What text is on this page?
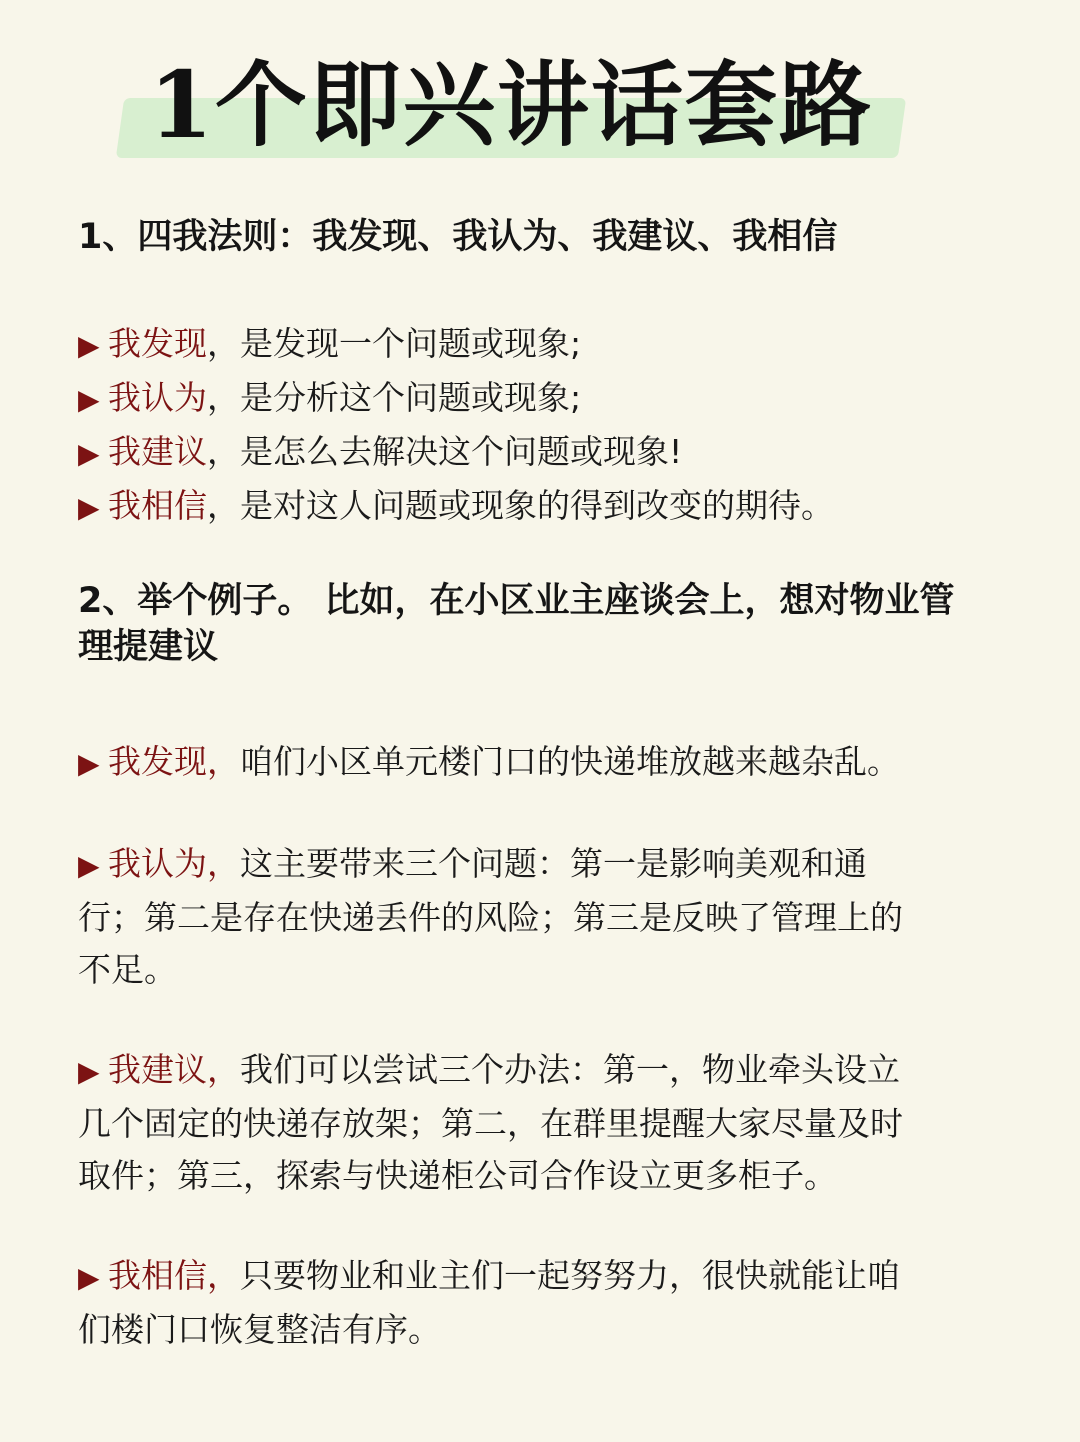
1个即兴讲话套路
1、四我法则：我发现、我认为、我建议、我相信
▶ 我发现，是发现一个问题或现象;
▶ 我认为，是分析这个问题或现象;
▶ 我建议，是怎么去解决这个问题或现象!
▶ 我相信，是对这人问题或现象的得到改变的期待。
2、举个例子。 比如，在小区业主座谈会上，想对物业管
理提建议
▶ 我发现，咱们小区单元楼门口的快递堆放越来越杂乱。
▶ 我认为，这主要带来三个问题：第一是影响美观和通
行；第二是存在快递丢件的风险；第三是反映了管理上的
不足。
▶ 我建议，我们可以尝试三个办法：第一，物业牵头设立
几个固定的快递存放架；第二，在群里提醒大家尽量及时
取件；第三，探索与快递柜公司合作设立更多柜子。
▶ 我相信，只要物业和业主们一起努努力，很快就能让咱
们楼门口恢复整洁有序。
